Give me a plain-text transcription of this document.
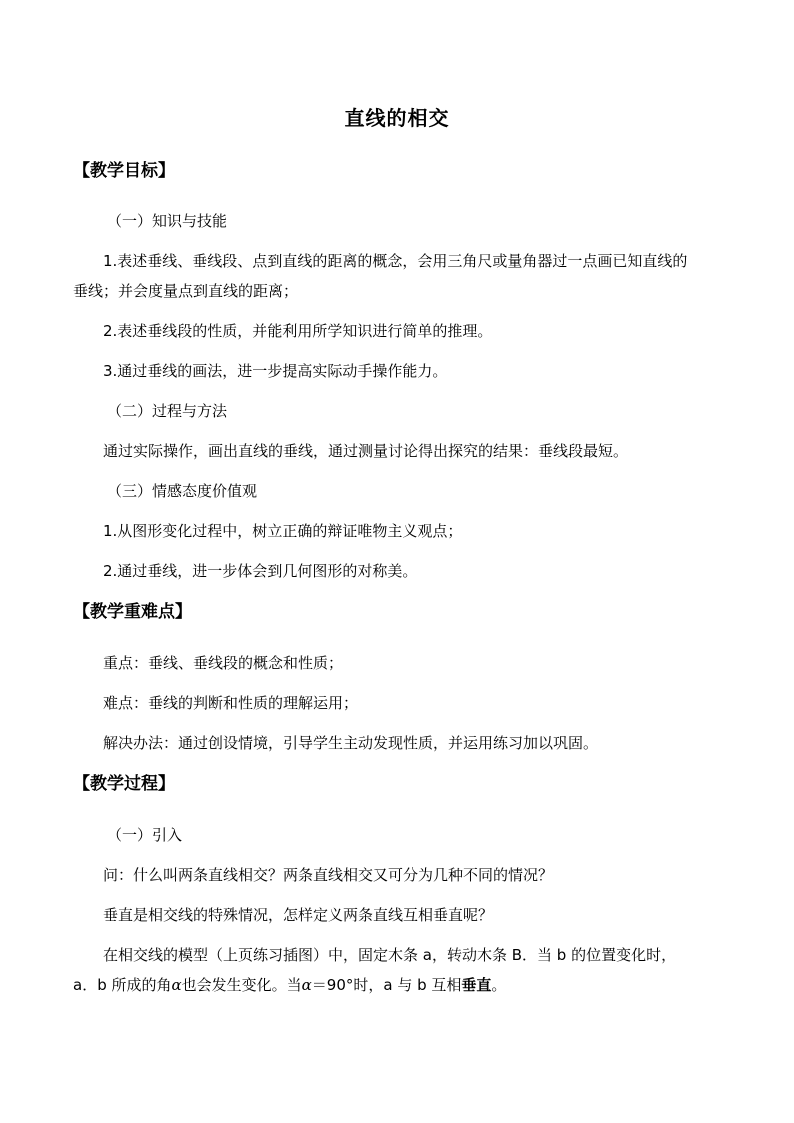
直线的相交
【教学目标】
（一）知识与技能
1.表述垂线、垂线段、点到直线的距离的概念，会用三角尺或量角器过一点画已知直线的
垂线；并会度量点到直线的距离；
2.表述垂线段的性质，并能利用所学知识进行简单的推理。
3.通过垂线的画法，进一步提高实际动手操作能力。
（二）过程与方法
通过实际操作，画出直线的垂线，通过测量讨论得出探究的结果：垂线段最短。
（三）情感态度价值观
1.从图形变化过程中，树立正确的辩证唯物主义观点；
2.通过垂线，进一步体会到几何图形的对称美。
【教学重难点】
重点：垂线、垂线段的概念和性质；
难点：垂线的判断和性质的理解运用；
解决办法：通过创设情境，引导学生主动发现性质，并运用练习加以巩固。
【教学过程】
（一）引入
问：什么叫两条直线相交？两条直线相交又可分为几种不同的情况？
垂直是相交线的特殊情况，怎样定义两条直线互相垂直呢？
在相交线的模型（上页练习插图）中，固定木条 a，转动木条 B．当 b 的位置变化时，
a．b 所成的角α也会发生变化。当α＝90°时，a 与 b 互相垂直。
